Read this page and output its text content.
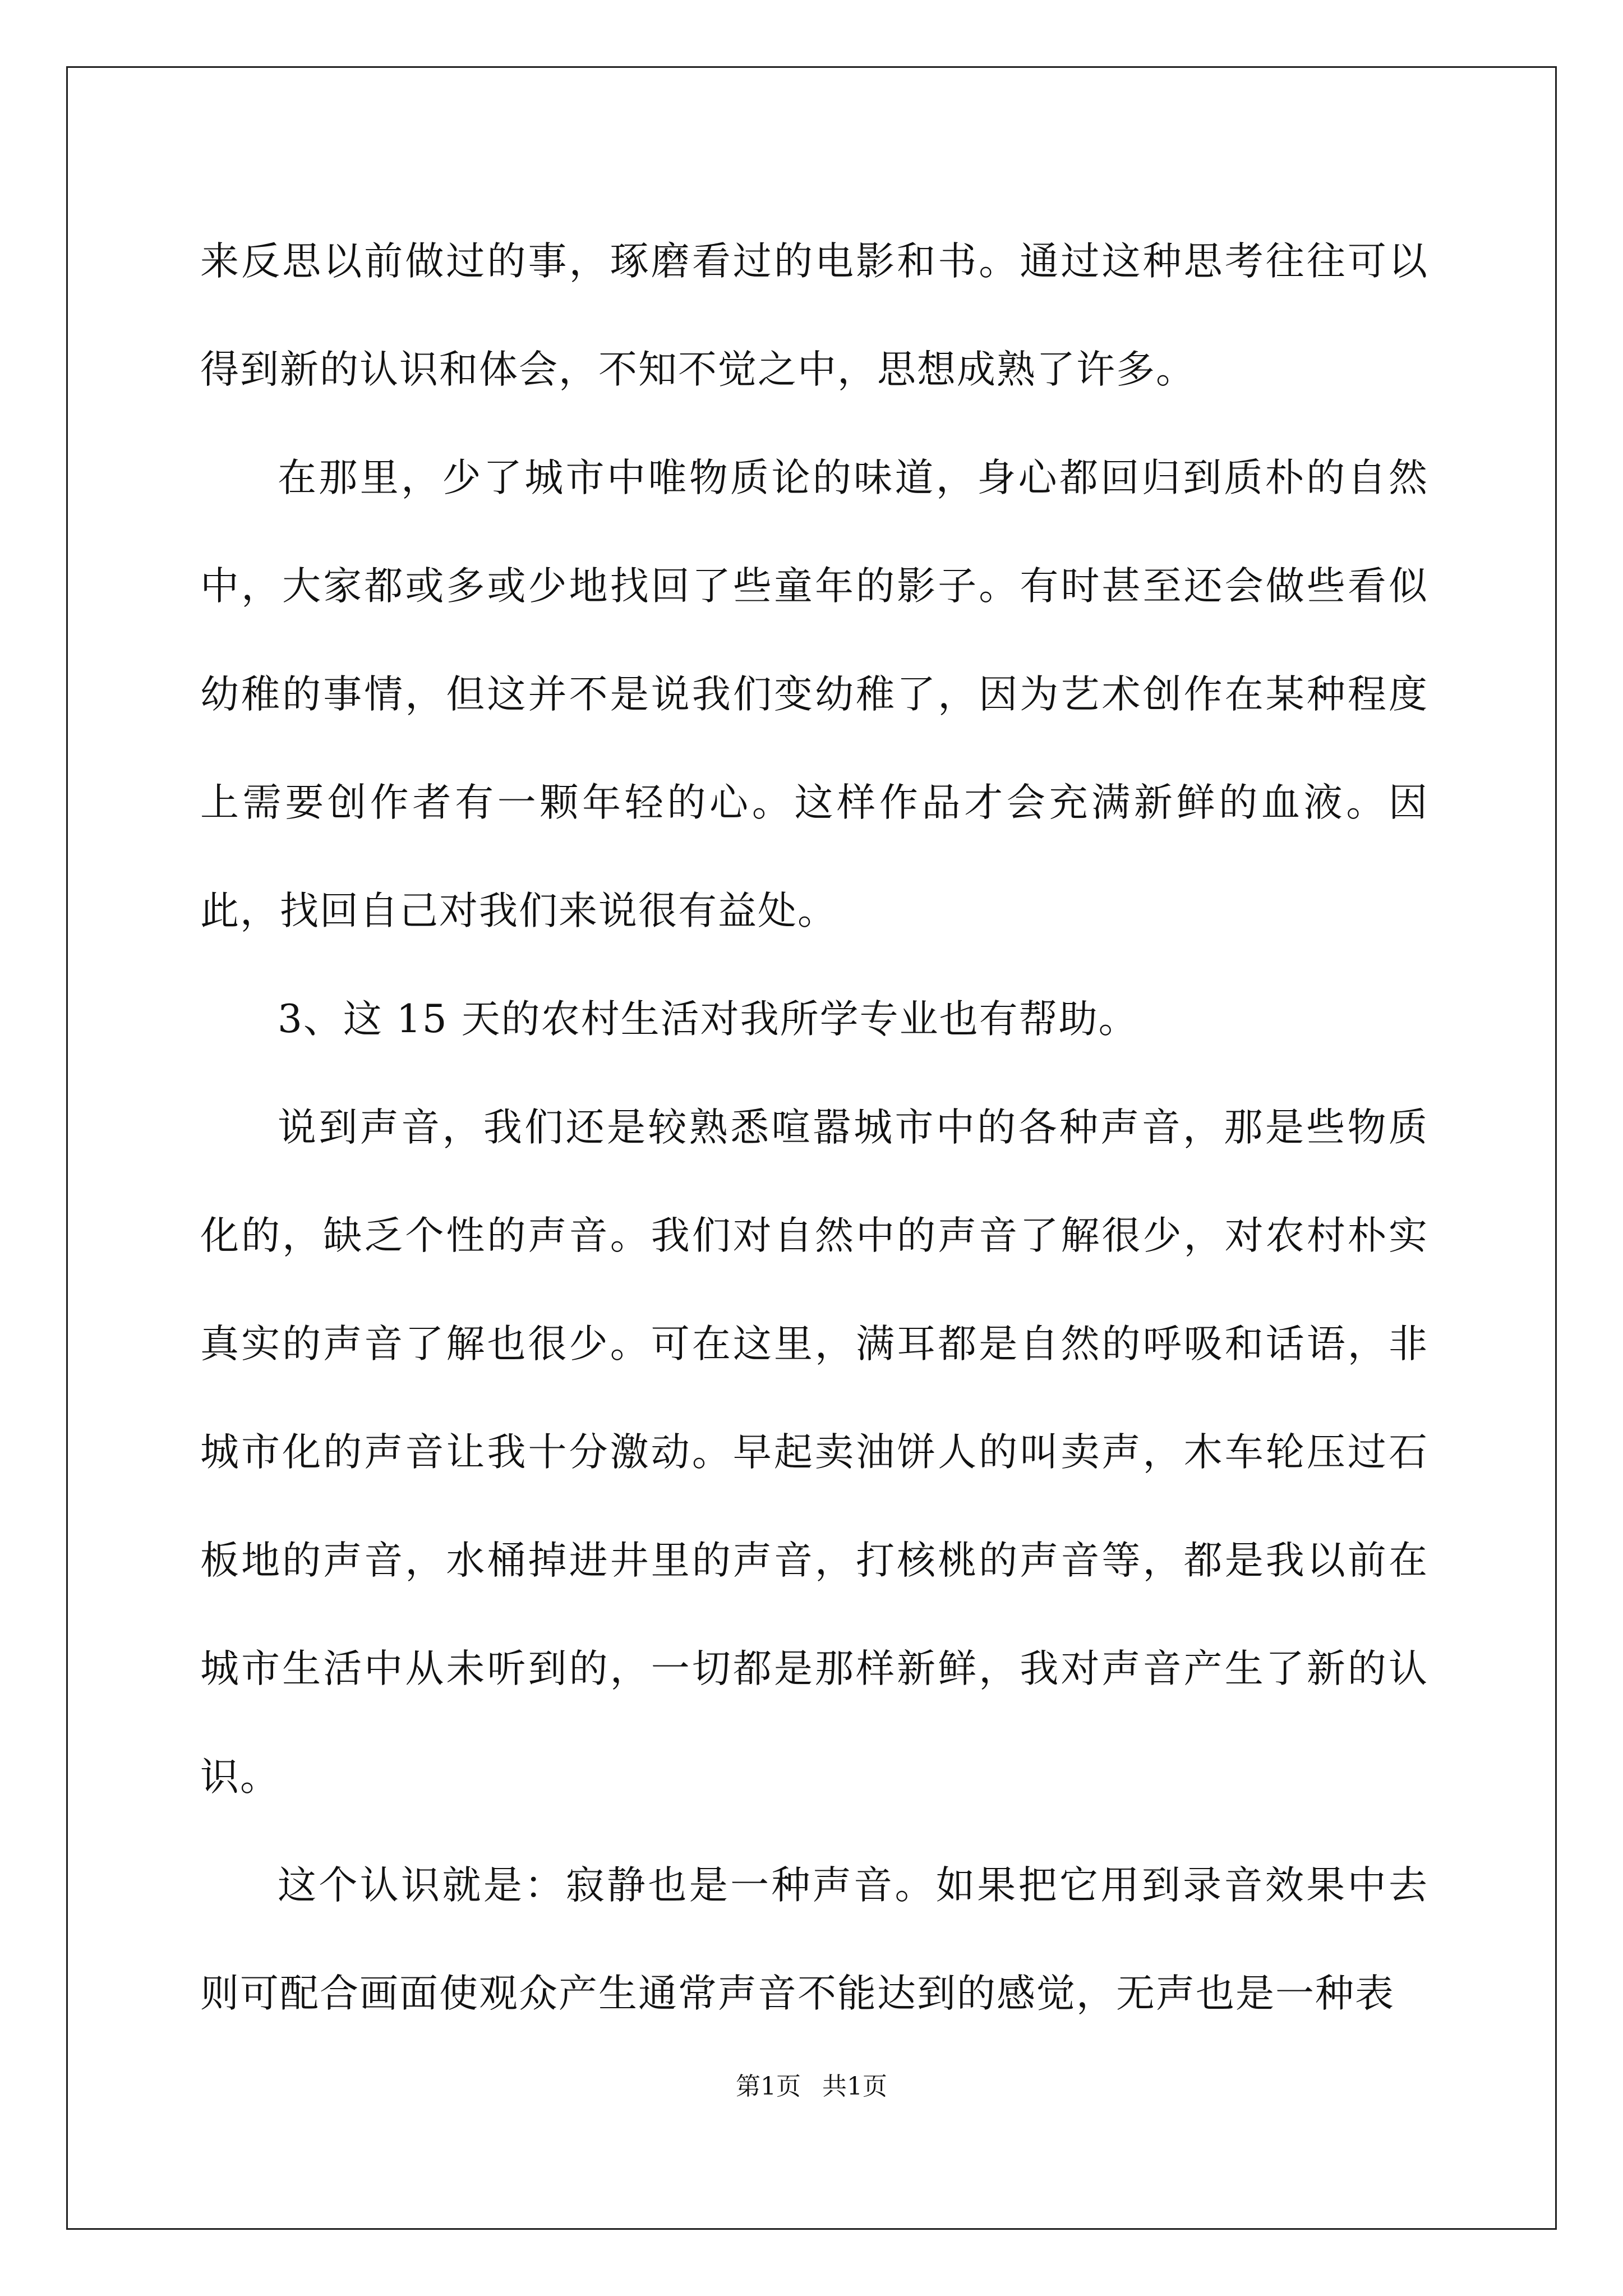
来反思以前做过的事，琢磨看过的电影和书。通过这种思考往往可以得到新的认识和体会，不知不觉之中，思想成熟了许多。

在那里，少了城市中唯物质论的味道，身心都回归到质朴的自然中，大家都或多或少地找回了些童年的影子。有时甚至还会做些看似幼稚的事情，但这并不是说我们变幼稚了，因为艺术创作在某种程度上需要创作者有一颗年轻的心。这样作品才会充满新鲜的血液。因此，找回自己对我们来说很有益处。

3、这 15 天的农村生活对我所学专业也有帮助。

说到声音，我们还是较熟悉喧嚣城市中的各种声音，那是些物质化的，缺乏个性的声音。我们对自然中的声音了解很少，对农村朴实真实的声音了解也很少。可在这里，满耳都是自然的呼吸和话语，非城市化的声音让我十分激动。早起卖油饼人的叫卖声，木车轮压过石板地的声音，水桶掉进井里的声音，打核桃的声音等，都是我以前在城市生活中从未听到的，一切都是那样新鲜，我对声音产生了新的认识。

这个认识就是：寂静也是一种声音。如果把它用到录音效果中去则可配合画面使观众产生通常声音不能达到的感觉，无声也是一种表

第1页 共1页
